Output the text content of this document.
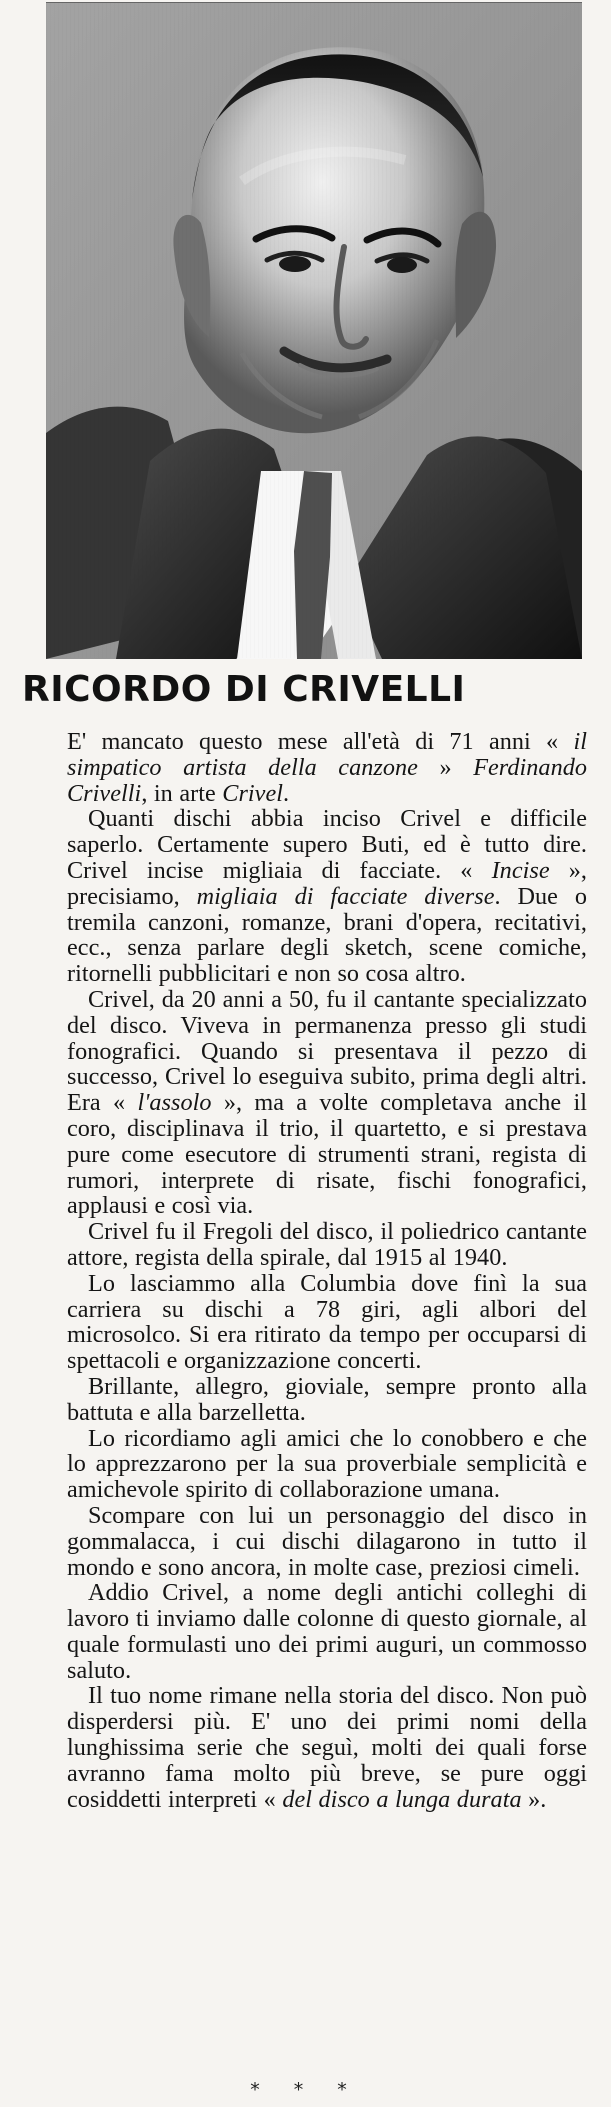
RICORDO DI CRIVELLI

E' mancato questo mese all'età di 71 anni « il simpatico artista della canzone » Ferdinando Crivelli, in arte Crivel.

Quanti dischi abbia inciso Crivel e difficile saperlo. Certamente supero Buti, ed è tutto dire. Crivel incise migliaia di facciate. « Incise », precisiamo, migliaia di facciate diverse. Due o tremila canzoni, romanze, brani d'opera, recitativi, ecc., senza parlare degli sketch, scene comiche, ritornelli pubblicitari e non so cosa altro.

Crivel, da 20 anni a 50, fu il cantante specializzato del disco. Viveva in permanenza presso gli studi fonografici. Quando si presentava il pezzo di successo, Crivel lo eseguiva subito, prima degli altri. Era « l'assolo », ma a volte completava anche il coro, disciplinava il trio, il quartetto, e si prestava pure come esecutore di strumenti strani, regista di rumori, interprete di risate, fischi fonografici, applausi e così via.

Crivel fu il Fregoli del disco, il poliedrico cantante attore, regista della spirale, dal 1915 al 1940.

Lo lasciammo alla Columbia dove finì la sua carriera su dischi a 78 giri, agli albori del microsolco. Si era ritirato da tempo per occuparsi di spettacoli e organizzazione concerti.

Brillante, allegro, gioviale, sempre pronto alla battuta e alla barzelletta.

Lo ricordiamo agli amici che lo conobbero e che lo apprezzarono per la sua proverbiale semplicità e amichevole spirito di collaborazione umana.

Scompare con lui un personaggio del disco in gommalacca, i cui dischi dilagarono in tutto il mondo e sono ancora, in molte case, preziosi cimeli.

Addio Crivel, a nome degli antichi colleghi di lavoro ti inviamo dalle colonne di questo giornale, al quale formulasti uno dei primi auguri, un commosso saluto.

Il tuo nome rimane nella storia del disco. Non può disperdersi più. E' uno dei primi nomi della lunghissima serie che seguì, molti dei quali forse avranno fama molto più breve, se pure oggi cosiddetti interpreti « del disco a lunga durata ».

* * *
